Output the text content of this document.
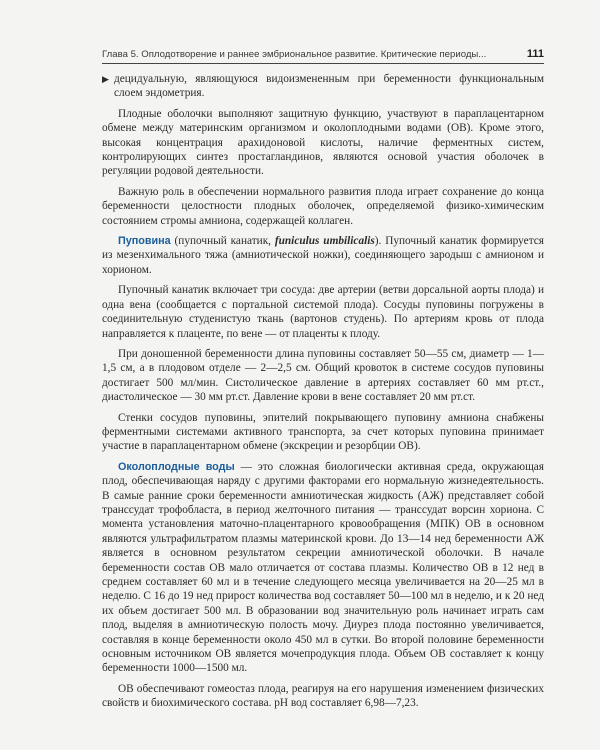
Глава 5. Оплодотворение и раннее эмбриональное развитие. Критические периоды...	111

▶ децидуальную, являющуюся видоизмененным при беременности функциональным слоем эндометрия.

Плодные оболочки выполняют защитную функцию, участвуют в параплацентарном обмене между материнским организмом и околоплодными водами (ОВ). Кроме этого, высокая концентрация арахидоновой кислоты, наличие ферментных систем, контролирующих синтез простагландинов, являются основой участия оболочек в регуляции родовой деятельности.

Важную роль в обеспечении нормального развития плода играет сохранение до конца беременности целостности плодных оболочек, определяемой физико-химическим состоянием стромы амниона, содержащей коллаген.

Пуповина (пупочный канатик, funiculus umbilicalis). Пупочный канатик формируется из мезенхимального тяжа (амниотической ножки), соединяющего зародыш с амнионом и хорионом.

Пупочный канатик включает три сосуда: две артерии (ветви дорсальной аорты плода) и одна вена (сообщается с портальной системой плода). Сосуды пуповины погружены в соединительную студенистую ткань (вартонов студень). По артериям кровь от плода направляется к плаценте, по вене — от плаценты к плоду.

При доношенной беременности длина пуповины составляет 50—55 см, диаметр — 1—1,5 см, а в плодовом отделе — 2—2,5 см. Общий кровоток в системе сосудов пуповины достигает 500 мл/мин. Систолическое давление в артериях составляет 60 мм рт.ст., диастолическое — 30 мм рт.ст. Давление крови в вене составляет 20 мм рт.ст.

Стенки сосудов пуповины, эпителий покрывающего пуповину амниона снабжены ферментными системами активного транспорта, за счет которых пуповина принимает участие в параплацентарном обмене (экскреции и резорбции ОВ).

Околоплодные воды — это сложная биологически активная среда, окружающая плод, обеспечивающая наряду с другими факторами его нормальную жизнедеятельность. В самые ранние сроки беременности амниотическая жидкость (АЖ) представляет собой транссудат трофобласта, в период желточного питания — транссудат ворсин хориона. С момента установления маточно-плацентарного кровообращения (МПК) ОВ в основном являются ультрафильтратом плазмы материнской крови. До 13—14 нед беременности АЖ является в основном результатом секреции амниотической оболочки. В начале беременности состав ОВ мало отличается от состава плазмы. Количество ОВ в 12 нед в среднем составляет 60 мл и в течение следующего месяца увеличивается на 20—25 мл в неделю. С 16 до 19 нед прирост количества вод составляет 50—100 мл в неделю, и к 20 нед их объем достигает 500 мл. В образовании вод значительную роль начинает играть сам плод, выделяя в амниотическую полость мочу. Диурез плода постоянно увеличивается, составляя в конце беременности около 450 мл в сутки. Во второй половине беременности основным источником ОВ является мочепродукция плода. Объем ОВ составляет к концу беременности 1000—1500 мл.

ОВ обеспечивают гомеостаз плода, реагируя на его нарушения изменением физических свойств и биохимического состава. pH вод составляет 6,98—7,23.
